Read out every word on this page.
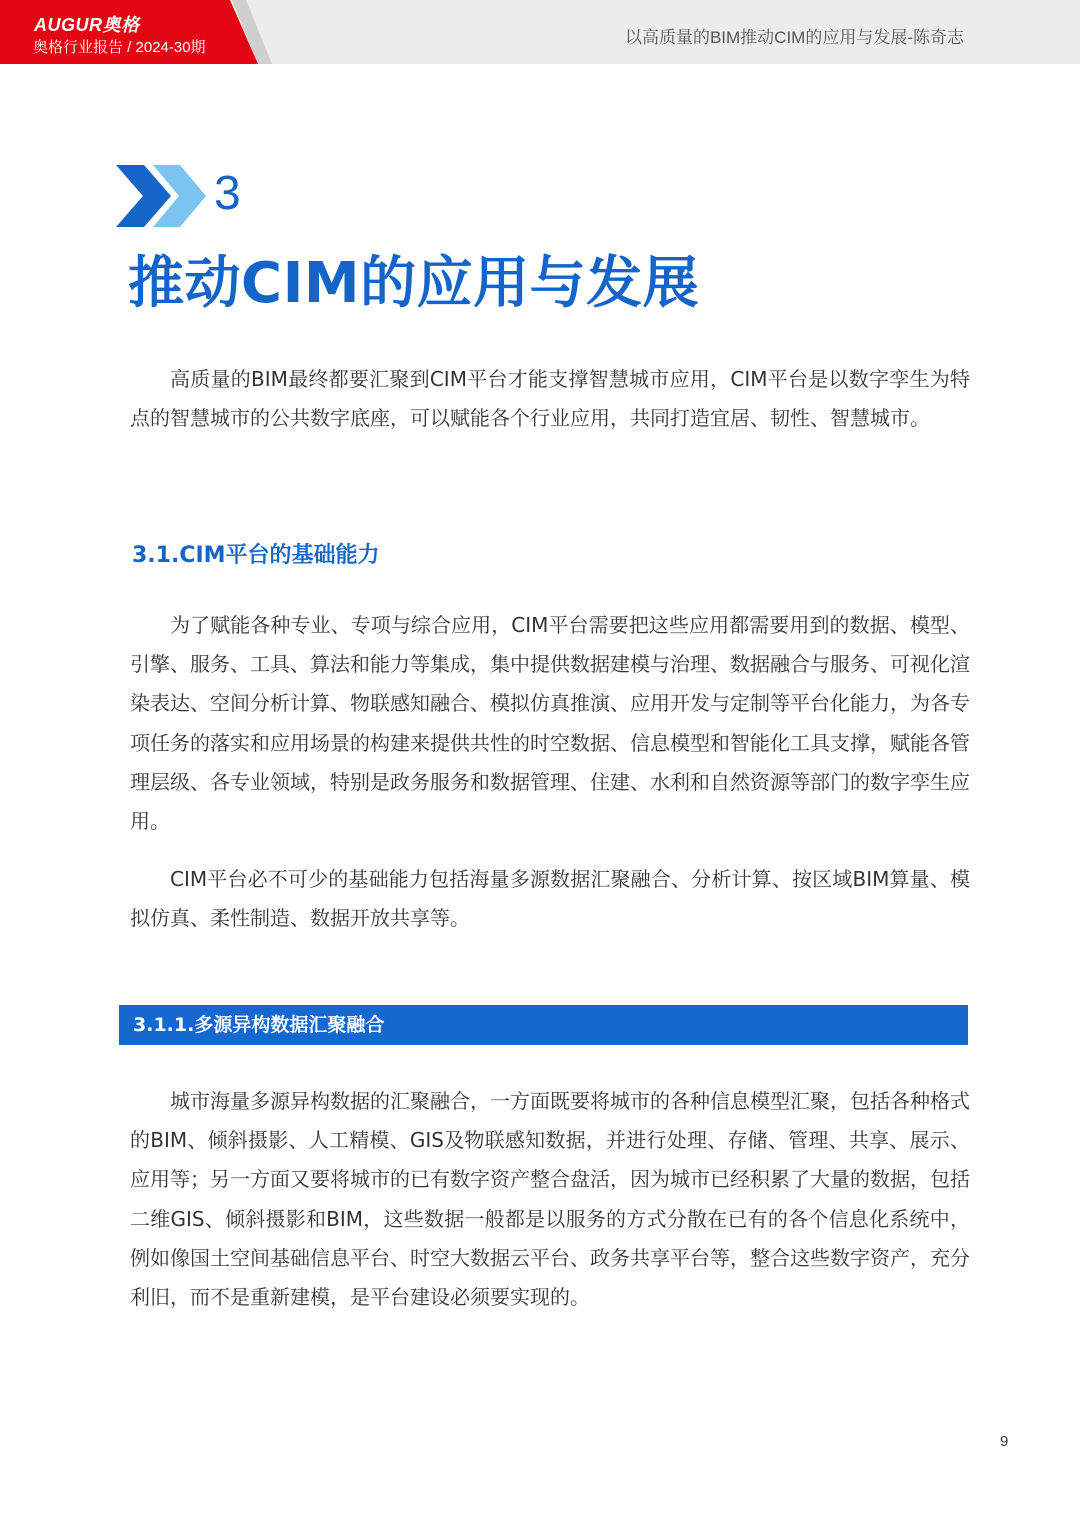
AUGUR奥格
奥格行业报告 / 2024-30期
以高质量的BIM推动CIM的应用与发展-陈奇志
3
推动CIM的应用与发展
高质量的BIM最终都要汇聚到CIM平台才能支撑智慧城市应用，CIM平台是以数字孪生为特点的智慧城市的公共数字底座，可以赋能各个行业应用，共同打造宜居、韧性、智慧城市。
3.1.CIM平台的基础能力
为了赋能各种专业、专项与综合应用，CIM平台需要把这些应用都需要用到的数据、模型、引擎、服务、工具、算法和能力等集成，集中提供数据建模与治理、数据融合与服务、可视化渲染表达、空间分析计算、物联感知融合、模拟仿真推演、应用开发与定制等平台化能力，为各专项任务的落实和应用场景的构建来提供共性的时空数据、信息模型和智能化工具支撑，赋能各管理层级、各专业领域，特别是政务服务和数据管理、住建、水利和自然资源等部门的数字孪生应用。
CIM平台必不可少的基础能力包括海量多源数据汇聚融合、分析计算、按区域BIM算量、模拟仿真、柔性制造、数据开放共享等。
3.1.1.多源异构数据汇聚融合
城市海量多源异构数据的汇聚融合，一方面既要将城市的各种信息模型汇聚，包括各种格式的BIM、倾斜摄影、人工精模、GIS及物联感知数据，并进行处理、存储、管理、共享、展示、应用等；另一方面又要将城市的已有数字资产整合盘活，因为城市已经积累了大量的数据，包括二维GIS、倾斜摄影和BIM，这些数据一般都是以服务的方式分散在已有的各个信息化系统中，例如像国土空间基础信息平台、时空大数据云平台、政务共享平台等，整合这些数字资产，充分利旧，而不是重新建模，是平台建设必须要实现的。
9
